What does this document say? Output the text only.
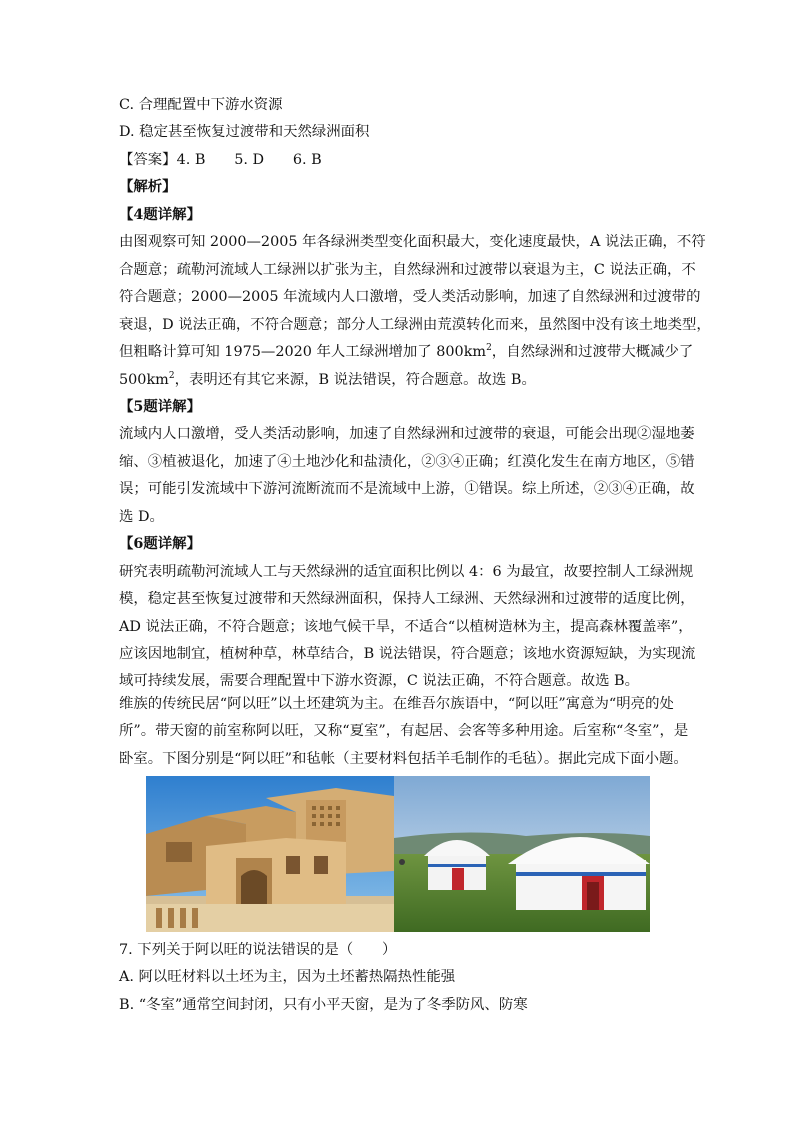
C. 合理配置中下游水资源
D. 稳定甚至恢复过渡带和天然绿洲面积
【答案】4. B　　5. D　　6. B
【解析】
【4题详解】
由图观察可知 2000—2005 年各绿洲类型变化面积最大，变化速度最快，A 说法正确，不符
合题意；疏勒河流域人工绿洲以扩张为主，自然绿洲和过渡带以衰退为主，C 说法正确，不
符合题意；2000—2005 年流域内人口激增，受人类活动影响，加速了自然绿洲和过渡带的
衰退，D 说法正确，不符合题意；部分人工绿洲由荒漠转化而来，虽然图中没有该土地类型，
但粗略计算可知 1975—2020 年人工绿洲增加了 $800km^2$，自然绿洲和过渡带大概减少了
$500km^2$，表明还有其它来源，B 说法错误，符合题意。故选 B。
【5题详解】
流域内人口激增，受人类活动影响，加速了自然绿洲和过渡带的衰退，可能会出现②湿地萎
缩、③植被退化，加速了④土地沙化和盐渍化，②③④正确；红漠化发生在南方地区，⑤错
误；可能引发流域中下游河流断流而不是流域中上游，①错误。综上所述，②③④正确，故
选 D。
【6题详解】
研究表明疏勒河流域人工与天然绿洲的适宜面积比例以 4：6 为最宜，故要控制人工绿洲规
模，稳定甚至恢复过渡带和天然绿洲面积，保持人工绿洲、天然绿洲和过渡带的适度比例，
AD 说法正确，不符合题意；该地气候干旱，不适合“以植树造林为主，提高森林覆盖率”，
应该因地制宜，植树种草，林草结合，B 说法错误，符合题意；该地水资源短缺，为实现流
域可持续发展，需要合理配置中下游水资源，C 说法正确，不符合题意。故选 B。
维族的传统民居“阿以旺”以土坯建筑为主。在维吾尔族语中，“阿以旺”寓意为“明亮的处
所”。带天窗的前室称阿以旺，又称“夏室”，有起居、会客等多种用途。后室称“冬室”，是
卧室。下图分别是“阿以旺”和毡帐（主要材料包括羊毛制作的毛毡）。据此完成下面小题。
7. 下列关于阿以旺的说法错误的是（　　）
A. 阿以旺材料以土坯为主，因为土坯蓄热隔热性能强
B. “冬室”通常空间封闭，只有小平天窗，是为了冬季防风、防寒
